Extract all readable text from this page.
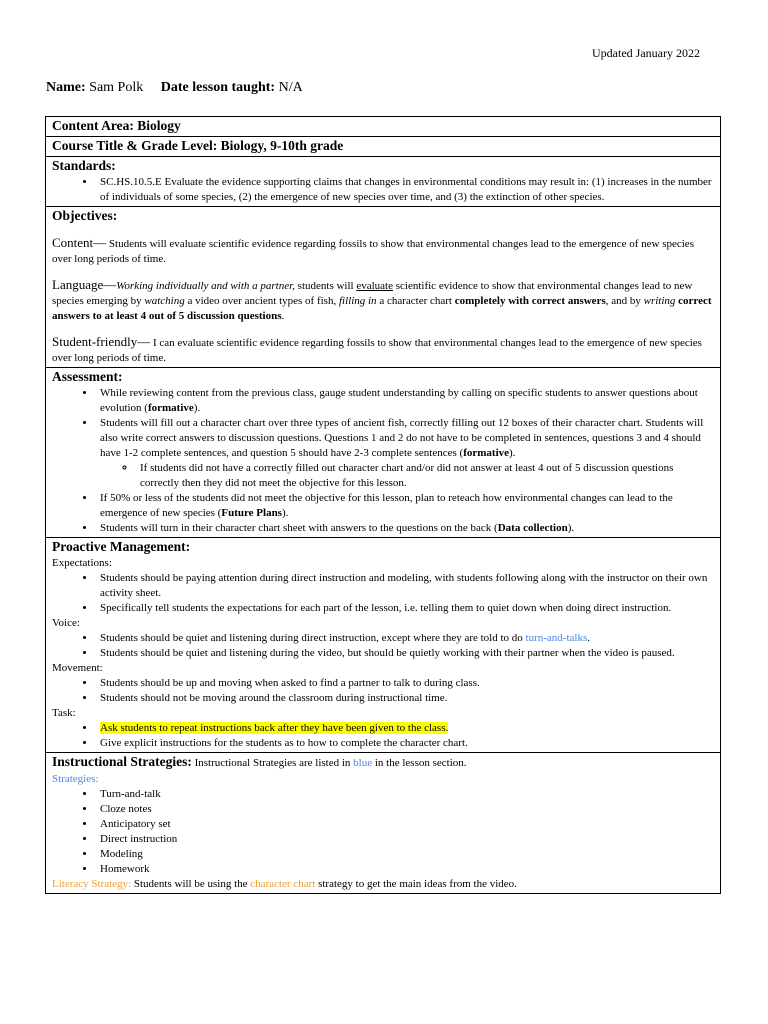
Updated January 2022
Name: Sam Polk Date lesson taught: N/A
Content Area: Biology
Course Title & Grade Level: Biology, 9-10th grade
Standards:
• SC.HS.10.5.E Evaluate the evidence supporting claims that changes in environmental conditions may result in: (1) increases in the number of individuals of some species, (2) the emergence of new species over time, and (3) the extinction of other species.
Objectives:

Content— Students will evaluate scientific evidence regarding fossils to show that environmental changes lead to the emergence of new species over long periods of time.

Language—Working individually and with a partner, students will evaluate scientific evidence to show that environmental changes lead to new species emerging by watching a video over ancient types of fish, filling in a character chart completely with correct answers, and by writing correct answers to at least 4 out of 5 discussion questions.

Student-friendly— I can evaluate scientific evidence regarding fossils to show that environmental changes lead to the emergence of new species over long periods of time.

Assessment:
• While reviewing content from the previous class, gauge student understanding by calling on specific students to answer questions about evolution (formative).
• Students will fill out a character chart over three types of ancient fish, correctly filling out 12 boxes of their character chart. Students will also write correct answers to discussion questions. Questions 1 and 2 do not have to be completed in sentences, questions 3 and 4 should have 1-2 complete sentences, and question 5 should have 2-3 complete sentences (formative).
◦ If students did not have a correctly filled out character chart and/or did not answer at least 4 out of 5 discussion questions correctly then they did not meet the objective for this lesson.
• If 50% or less of the students did not meet the objective for this lesson, plan to reteach how environmental changes can lead to the emergence of new species (Future Plans).
• Students will turn in their character chart sheet with answers to the questions on the back (Data collection).
Proactive Management:
Expectations:
• Students should be paying attention during direct instruction and modeling, with students following along with the instructor on their own activity sheet.
• Specifically tell students the expectations for each part of the lesson, i.e. telling them to quiet down when doing direct instruction.
Voice:
• Students should be quiet and listening during direct instruction, except where they are told to do turn-and-talks.
• Students should be quiet and listening during the video, but should be quietly working with their partner when the video is paused.
Movement:
• Students should be up and moving when asked to find a partner to talk to during class.
• Students should not be moving around the classroom during instructional time.
Task:
• Ask students to repeat instructions back after they have been given to the class.
• Give explicit instructions for the students as to how to complete the character chart.
Instructional Strategies: Instructional Strategies are listed in blue in the lesson section.
Strategies:
• Turn-and-talk
• Cloze notes
• Anticipatory set
• Direct instruction
• Modeling
• Homework
Literacy Strategy: Students will be using the character chart strategy to get the main ideas from the video.
